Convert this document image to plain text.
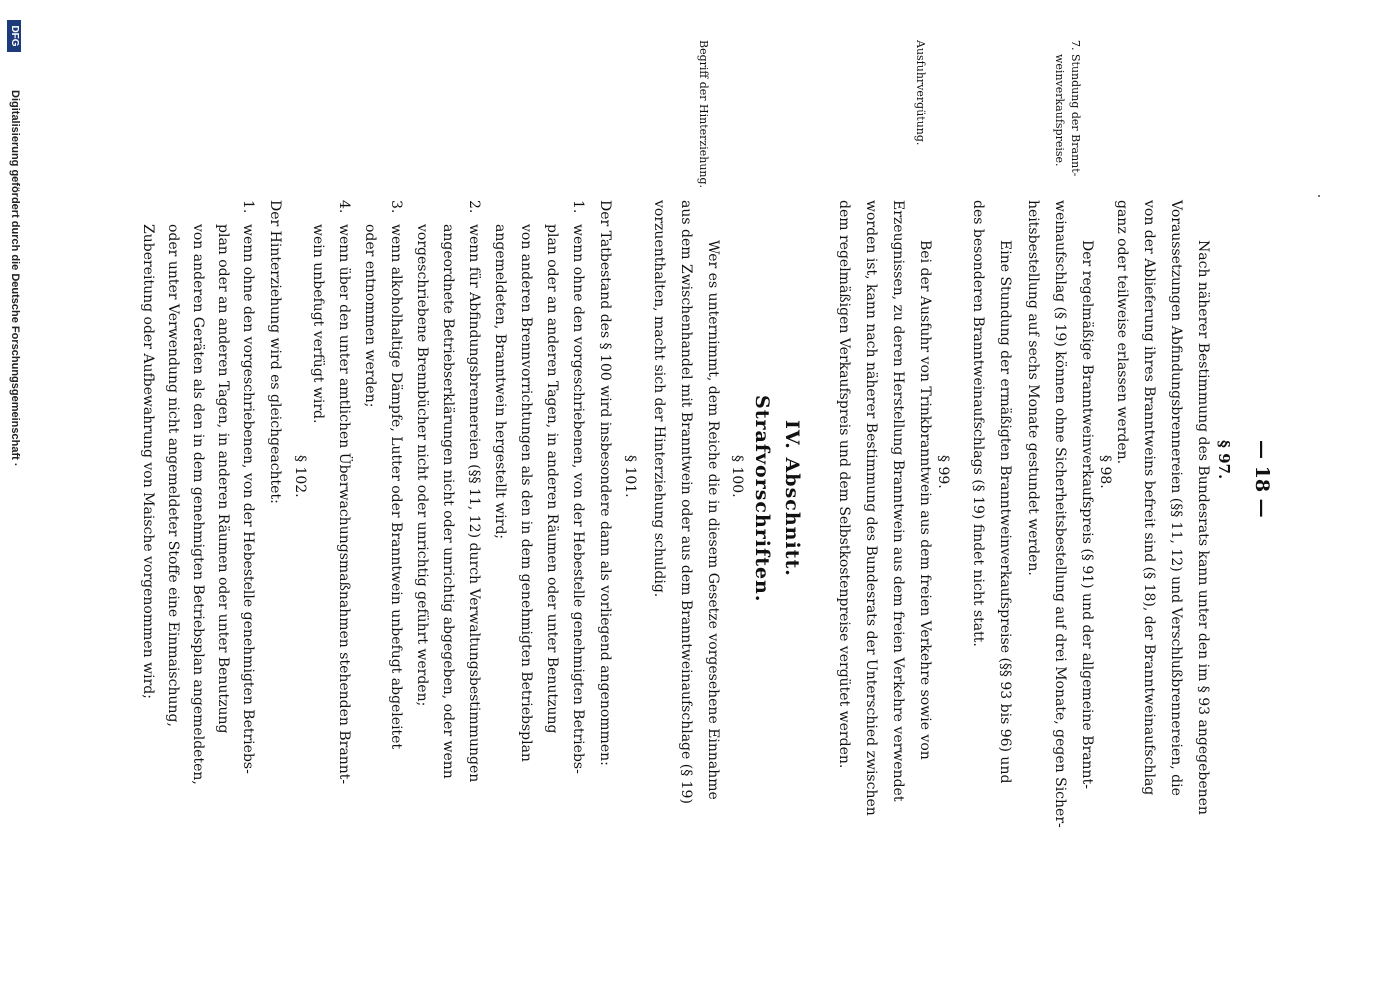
— 18 —
§ 97.
Nach näherer Bestimmung des Bundesrats kann unter den im § 93 angegebenen
Voraussetzungen Abfindungsbrennereien (§§ 11, 12) und Verschlußbrennereien, die
von der Ablieferung ihres Branntweins befreit sind (§ 18), der Branntweinaufschlag
ganz oder teilweise erlassen werden.
§ 98.
7. Stundung der Brannt-
weinverkaufspreise.
Der regelmäßige Branntweinverkaufspreis (§ 91) und der allgemeine Brannt-
weinaufschlag (§ 19) können ohne Sicherheitsbestellung auf drei Monate, gegen Sicher-
heitsbestellung auf sechs Monate gestundet werden.
Eine Stundung der ermäßigten Branntweinverkaufspreise (§§ 93 bis 96) und
des besonderen Branntweinaufschlags (§ 19) findet nicht statt.
§ 99.
Ausfuhrvergütung.
Bei der Ausfuhr von Trinkbranntwein aus dem freien Verkehre sowie von
Erzeugnissen, zu deren Herstellung Branntwein aus dem freien Verkehre verwendet
worden ist, kann nach näherer Bestimmung des Bundesrats der Unterschied zwischen
dem regelmäßigen Verkaufspreis und dem Selbstkostenpreise vergütet werden.
IV. Abschnitt.
Strafvorschriften.
§ 100.
Begriff der Hinterziehung.
Wer es unternimmt, dem Reiche die in diesem Gesetze vorgesehene Einnahme
aus dem Zwischenhandel mit Branntwein oder aus dem Branntweinaufschlage (§ 19)
vorzuenthalten, macht sich der Hinterziehung schuldig.
§ 101.
Der Tatbestand des § 100 wird insbesondere dann als vorliegend angenommen:
1.
wenn ohne den vorgeschriebenen, von der Hebestelle genehmigten Betriebs-
plan oder an anderen Tagen, in anderen Räumen oder unter Benutzung
von anderen Brennvorrichtungen als den in dem genehmigten Betriebsplan
angemeldeten, Branntwein hergestellt wird;
2.
wenn für Abfindungsbrennereien (§§ 11, 12) durch Verwaltungsbestimmungen
angeordnete Betriebserklärungen nicht oder unrichtig abgegeben, oder wenn
vorgeschriebene Brennbücher nicht oder unrichtig geführt werden;
3.
wenn alkoholhaltige Dämpfe, Lutter oder Branntwein unbefugt abgeleitet
oder entnommen werden;
4.
wenn über den unter amtlichen Überwachungsmaßnahmen stehenden Brannt-
wein unbefugt verfügt wird.
§ 102.
Der Hinterziehung wird es gleichgeachtet:
1.
wenn ohne den vorgeschriebenen, von der Hebestelle genehmigten Betriebs-
plan oder an anderen Tagen, in anderen Räumen oder unter Benutzung
von anderen Geräten als den in dem genehmigten Betriebsplan angemeldeten,
oder unter Verwendung nicht angemeldeter Stoffe eine Einmaischung,
Zubereitung oder Aufbewahrung von Maische vorgenommen wird;
Digitalisierung gefördert durch die Deutsche Forschungsgemeinschaft ·
DFG
